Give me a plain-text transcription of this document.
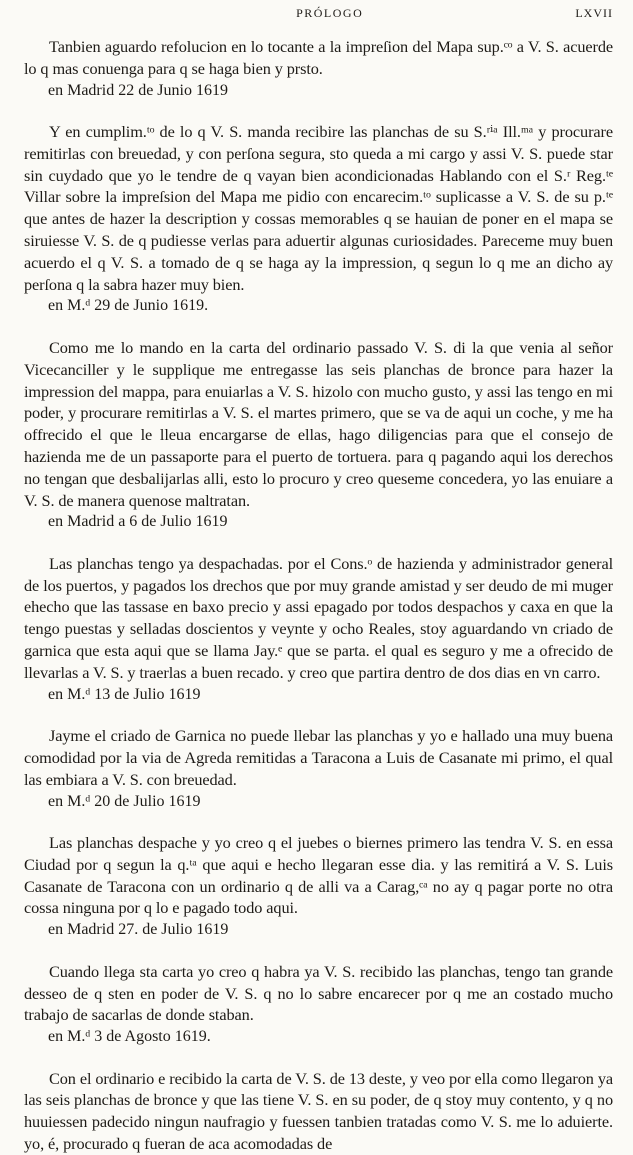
PRÓLOGO	LXVII

Tanbien aguardo refolucion en lo tocante a la impreſion del Mapa sup.ᶜᵒ a V. S. acuerde lo q mas conuenga para q se haga bien y prsto.

en Madrid 22 de Junio 1619

Y en cumplim.ᵗᵒ de lo q V. S. manda recibire las planchas de su S.ʳⁱᵃ Ill.ᵐᵃ y procurare remitirlas con breuedad, y con perſona segura, sto queda a mi cargo y assi V. S. puede star sin cuydado que yo le tendre de q vayan bien acondicionadas Hablando con el S.ʳ Reg.ᵗᵉ Villar sobre la impreſsion del Mapa me pidio con encarecim.ᵗᵒ suplicasse a V. S. de su p.ᵗᵉ que antes de hazer la description y cossas memorables q se hauian de poner en el mapa se siruiesse V. S. de q pudiesse verlas para aduertir algunas curiosidades. Pareceme muy buen acuerdo el q V. S. a tomado de q se haga ay la impression, q segun lo q me an dicho ay perſona q la sabra hazer muy bien.

en M.ᵈ 29 de Junio 1619.

Como me lo mando en la carta del ordinario passado V. S. di la que venia al señor Vicecanciller y le supplique me entregasse las seis planchas de bronce para hazer la impression del mappa, para enuiarlas a V. S. hizolo con mucho gusto, y assi las tengo en mi poder, y procurare remitirlas a V. S. el martes primero, que se va de aqui un coche, y me ha offrecido el que le lleua encargarse de ellas, hago diligencias para que el consejo de hazienda me de un passaporte para el puerto de tortuera. para q pagando aqui los derechos no tengan que desbalijarlas alli, esto lo procuro y creo queseme concedera, yo las enuiare a V. S. de manera quenose maltratan.

en Madrid a 6 de Julio 1619

Las planchas tengo ya despachadas. por el Cons.ᵒ de hazienda y administrador general de los puertos, y pagados los drechos que por muy grande amistad y ser deudo de mi muger ehecho que las tassase en baxo precio y assi epagado por todos despachos y caxa en que la tengo puestas y selladas doscientos y veynte y ocho Reales, stoy aguardando vn criado de garnica que esta aqui que se llama Jay.ᵉ que se parta. el qual es seguro y me a ofrecido de llevarlas a V. S. y traerlas a buen recado. y creo que partira dentro de dos dias en vn carro.

en M.ᵈ 13 de Julio 1619

Jayme el criado de Garnica no puede llebar las planchas y yo e hallado una muy buena comodidad por la via de Agreda remitidas a Taracona a Luis de Casanate mi primo, el qual las embiara a V. S. con breuedad.

en M.ᵈ 20 de Julio 1619

Las planchas despache y yo creo q el juebes o biernes primero las tendra V. S. en essa Ciudad por q segun la q.ᵗᵃ que aqui e hecho llegaran esse dia. y las remitirá a V. S. Luis Casanate de Taracona con un ordinario q de alli va a Carag,ᶜᵃ no ay q pagar porte no otra cossa ninguna por q lo e pagado todo aqui.

en Madrid 27. de Julio 1619

Cuando llega sta carta yo creo q habra ya V. S. recibido las planchas, tengo tan grande desseo de q sten en poder de V. S. q no lo sabre encarecer por q me an costado mucho trabajo de sacarlas de donde staban.

en M.ᵈ 3 de Agosto 1619.

Con el ordinario e recibido la carta de V. S. de 13 deste, y veo por ella como llegaron ya las seis planchas de bronce y que las tiene V. S. en su poder, de q stoy muy contento, y q no huuiessen padecido ningun naufragio y fuessen tanbien tratadas como V. S. me lo aduierte. yo, é, procurado q fueran de aca acomodadas de
